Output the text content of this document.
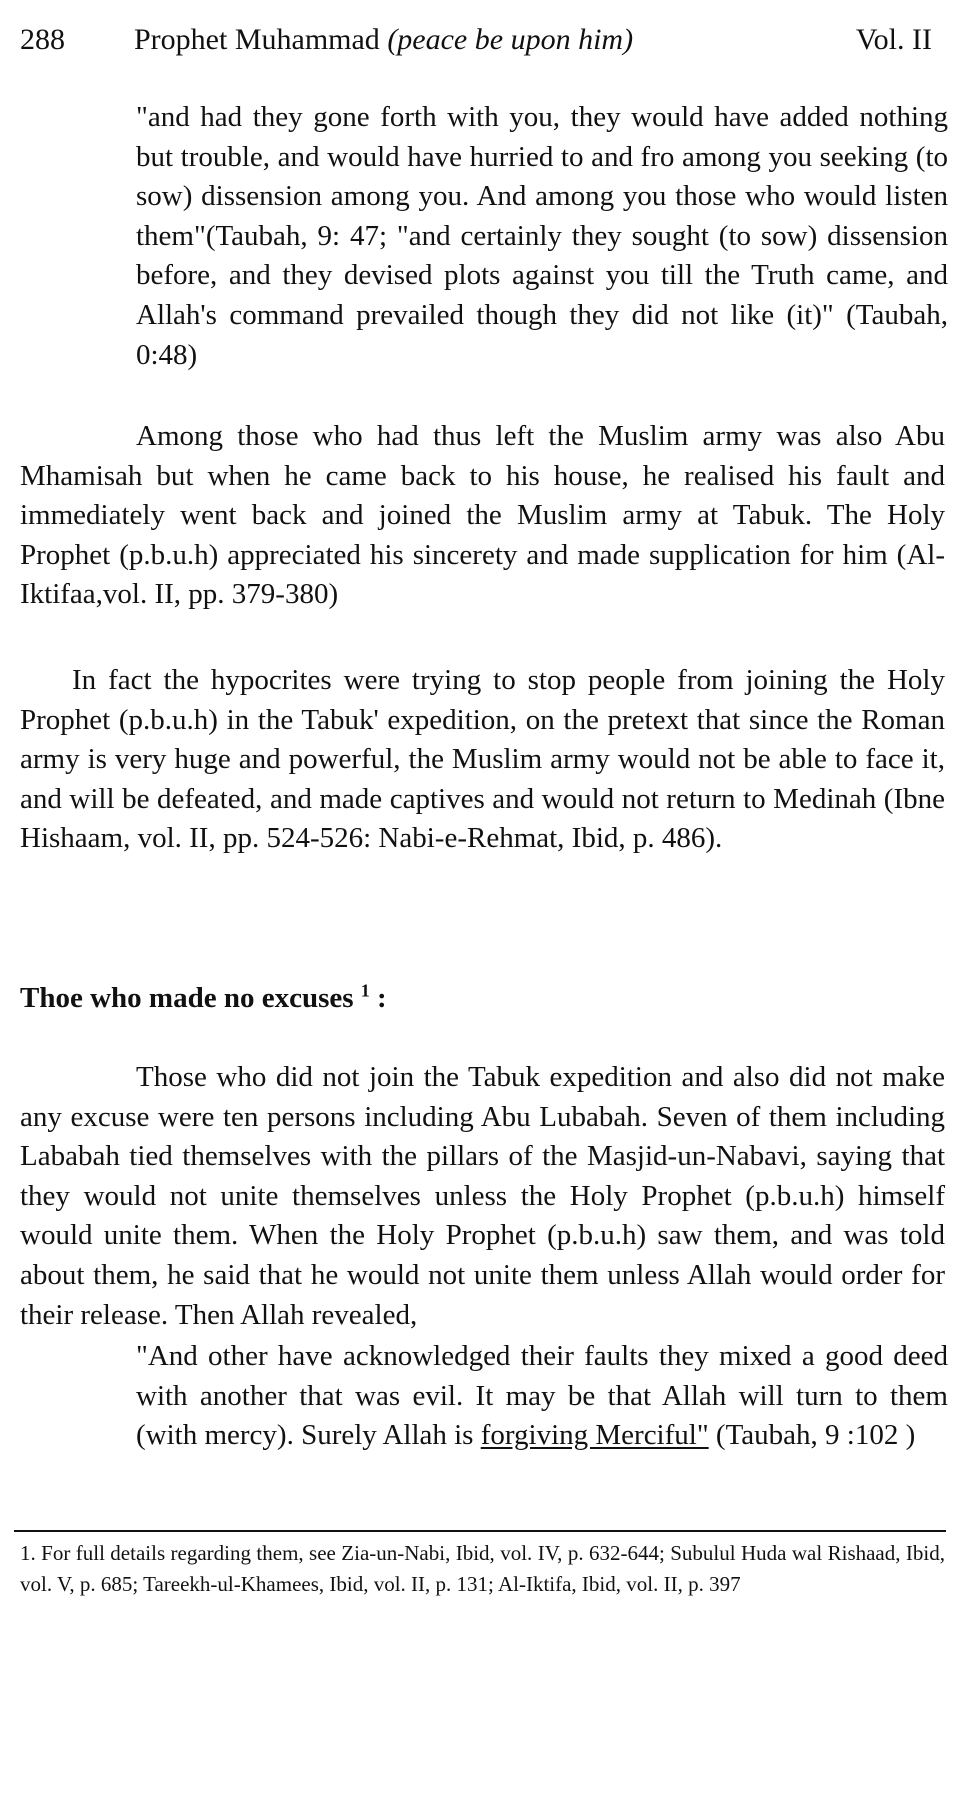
288 Prophet Muhammad (peace be upon him)	Vol. II
"and had they gone forth with you, they would have added nothing but trouble, and would have hurried to and fro among you seeking (to sow) dissension among you. And among you those who would listen them"(Taubah, 9: 47; "and certainly they sought (to sow) dissension before, and they devised plots against you till the Truth came, and Allah's command prevailed though they did not like (it)" (Taubah, 0:48)
Among those who had thus left the Muslim army was also Abu Mhamisah but when he came back to his house, he realised his fault and immediately went back and joined the Muslim army at Tabuk. The Holy Prophet (p.b.u.h) appreciated his sincerety and made supplication for him (Al-Iktifaa,vol. II, pp. 379-380)
In fact the hypocrites were trying to stop people from joining the Holy Prophet (p.b.u.h) in the Tabuk' expedition, on the pretext that since the Roman army is very huge and powerful, the Muslim army would not be able to face it, and will be defeated, and made captives and would not return to Medinah (Ibne Hishaam, vol. II, pp. 524-526: Nabi-e-Rehmat, Ibid, p. 486).
Thoe who made no excuses $^1$ :
Those who did not join the Tabuk expedition and also did not make any excuse were ten persons including Abu Lubabah. Seven of them including Lababah tied themselves with the pillars of the Masjid-un-Nabavi, saying that they would not unite themselves unless the Holy Prophet (p.b.u.h) himself would unite them. When the Holy Prophet (p.b.u.h) saw them, and was told about them, he said that he would not unite them unless Allah would order for their release. Then Allah revealed,
"And other have acknowledged their faults they mixed a good deed with another that was evil. It may be that Allah will turn to them (with mercy). Surely Allah is forgiving Merciful" (Taubah, 9 :102 )
1. For full details regarding them, see Zia-un-Nabi, Ibid, vol. IV, p. 632-644; Subulul Huda wal Rishaad, Ibid, vol. V, p. 685; Tareekh-ul-Khamees, Ibid, vol. II, p. 131; Al-Iktifa, Ibid, vol. II, p. 397
